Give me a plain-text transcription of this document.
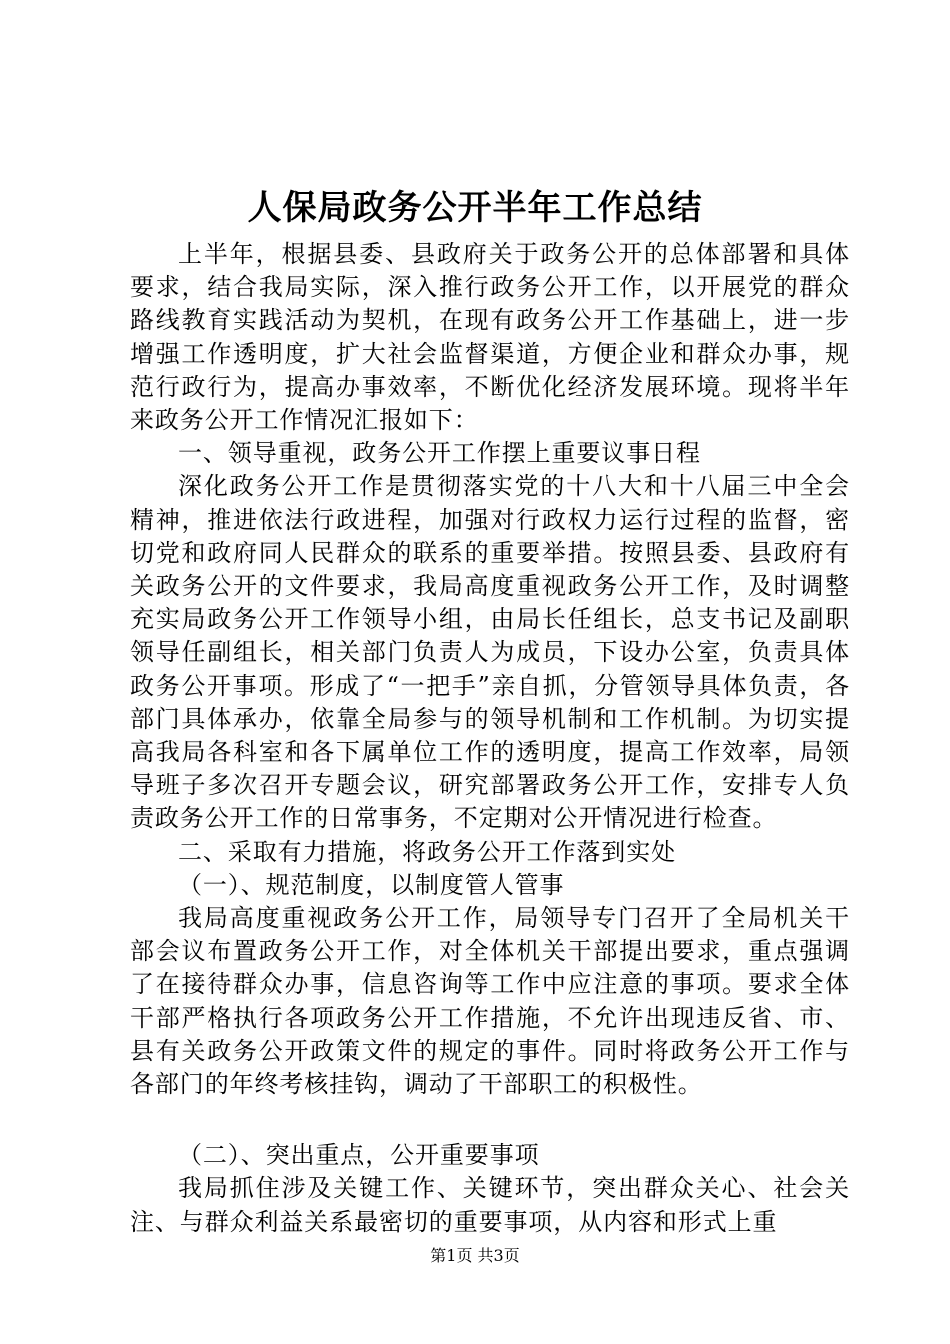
人保局政务公开半年工作总结

上半年，根据县委、县政府关于政务公开的总体部署和具体要求，结合我局实际，深入推行政务公开工作，以开展党的群众路线教育实践活动为契机，在现有政务公开工作基础上，进一步增强工作透明度，扩大社会监督渠道，方便企业和群众办事，规范行政行为，提高办事效率，不断优化经济发展环境。现将半年来政务公开工作情况汇报如下：

一、领导重视，政务公开工作摆上重要议事日程

深化政务公开工作是贯彻落实党的十八大和十八届三中全会精神，推进依法行政进程，加强对行政权力运行过程的监督，密切党和政府同人民群众的联系的重要举措。按照县委、县政府有关政务公开的文件要求，我局高度重视政务公开工作，及时调整充实局政务公开工作领导小组，由局长任组长，总支书记及副职领导任副组长，相关部门负责人为成员，下设办公室，负责具体政务公开事项。形成了“一把手”亲自抓，分管领导具体负责，各部门具体承办，依靠全局参与的领导机制和工作机制。为切实提高我局各科室和各下属单位工作的透明度，提高工作效率，局领导班子多次召开专题会议，研究部署政务公开工作，安排专人负责政务公开工作的日常事务，不定期对公开情况进行检查。

二、采取有力措施，将政务公开工作落到实处

（一）、规范制度，以制度管人管事

我局高度重视政务公开工作，局领导专门召开了全局机关干部会议布置政务公开工作，对全体机关干部提出要求，重点强调了在接待群众办事，信息咨询等工作中应注意的事项。要求全体干部严格执行各项政务公开工作措施，不允许出现违反省、市、县有关政务公开政策文件的规定的事件。同时将政务公开工作与各部门的年终考核挂钩，调动了干部职工的积极性。

（二）、突出重点，公开重要事项

我局抓住涉及关键工作、关键环节，突出群众关心、社会关注、与群众利益关系最密切的重要事项，从内容和形式上重

第1页 共3页
